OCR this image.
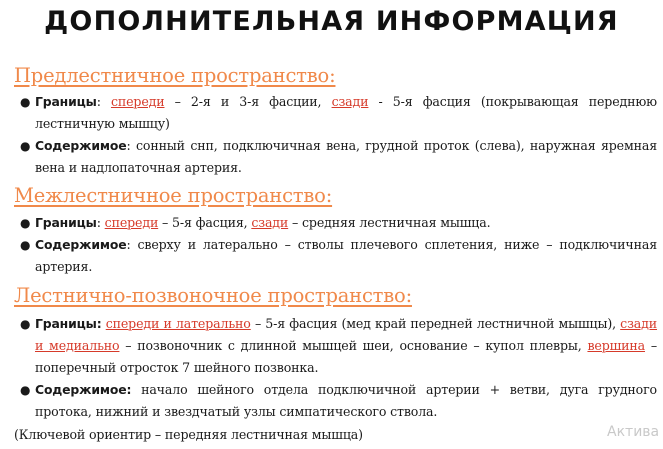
ДОПОЛНИТЕЛЬНАЯ ИНФОРМАЦИЯ
Предлестничное пространство:
● Границы: спереди – 2-я и 3-я фасции, сзади - 5-я фасция (покрывающая переднюю лестничную мышцу)
● Содержимое: сонный снп, подключичная вена, грудной проток (слева), наружная яремная вена и надлопаточная артерия.
Межлестничное пространство:
● Границы: спереди – 5-я фасция, сзади – средняя лестничная мышца.
● Содержимое: сверху и латерально – стволы плечевого сплетения, ниже – подключичная артерия.
Лестнично-позвоночное пространство:
● Границы: спереди и латерально – 5-я фасция (мед край передней лестничной мышцы), сзади и медиально – позвоночник с длинной мышцей шеи, основание – купол плевры, вершина – поперечный отросток 7 шейного позвонка.
● Содержимое: начало шейного отдела подключичной артерии + ветви, дуга грудного протока, нижний и звездчатый узлы симпатического ствола.
(Ключевой ориентир – передняя лестничная мышца)	Актива
